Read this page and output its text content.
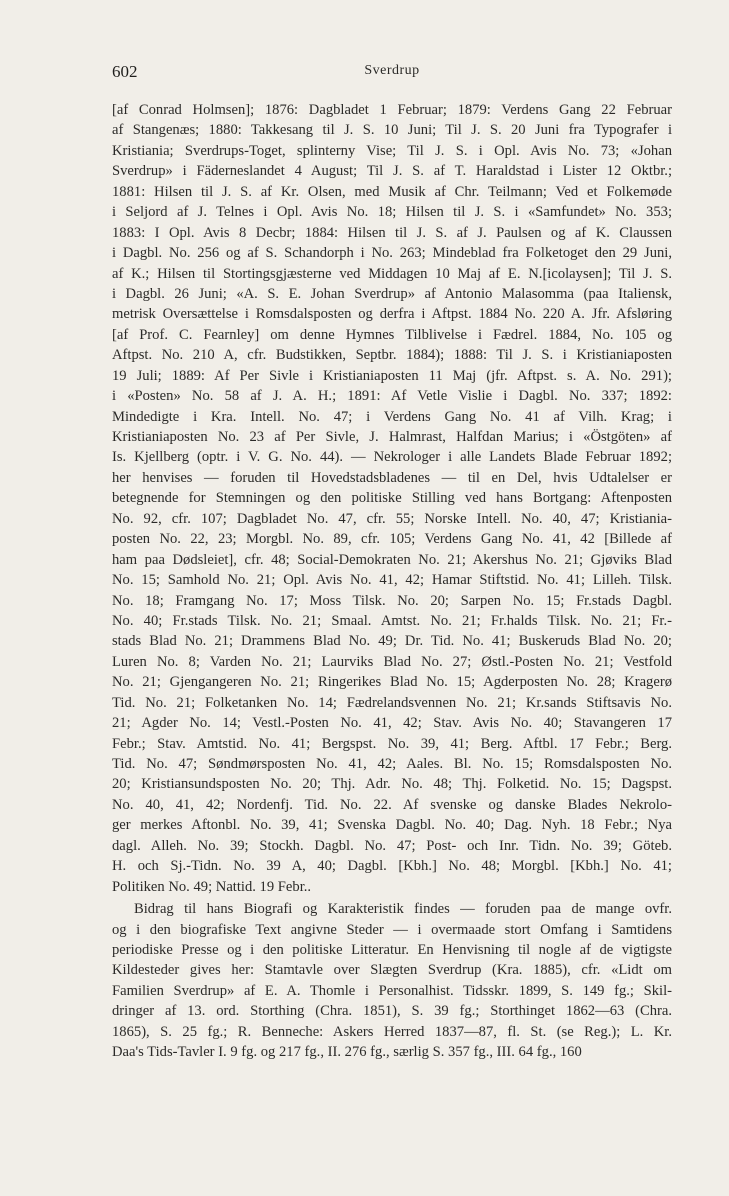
602	Sverdrup
[af Conrad Holmsen]; 1876: Dagbladet 1 Februar; 1879: Verdens Gang 22 Februar
af Stangenæs; 1880: Takkesang til J. S. 10 Juni; Til J. S. 20 Juni fra Typografer i
Kristiania; Sverdrups-Toget, splinterny Vise; Til J. S. i Opl. Avis No. 73; «Johan
Sverdrup» i Fäderneslandet 4 August; Til J. S. af T. Haraldstad i Lister 12 Oktbr.;
1881: Hilsen til J. S. af Kr. Olsen, med Musik af Chr. Teilmann; Ved et Folkemøde
i Seljord af J. Telnes i Opl. Avis No. 18; Hilsen til J. S. i «Samfundet» No. 353;
1883: I Opl. Avis 8 Decbr; 1884: Hilsen til J. S. af J. Paulsen og af K. Claussen
i Dagbl. No. 256 og af S. Schandorph i No. 263; Mindeblad fra Folketoget den 29 Juni,
af K.; Hilsen til Stortingsgjæsterne ved Middagen 10 Maj af E. N.[icolaysen]; Til J. S.
i Dagbl. 26 Juni; «A. S. E. Johan Sverdrup» af Antonio Malasomma (paa Italiensk,
metrisk Oversættelse i Romsdalsposten og derfra i Aftpst. 1884 No. 220 A. Jfr. Afsløring
[af Prof. C. Fearnley] om denne Hymnes Tilblivelse i Fædrel. 1884, No. 105 og
Aftpst. No. 210 A, cfr. Budstikken, Septbr. 1884); 1888: Til J. S. i Kristianiaposten
19 Juli; 1889: Af Per Sivle i Kristianiaposten 11 Maj (jfr. Aftpst. s. A. No. 291);
i «Posten» No. 58 af J. A. H.; 1891: Af Vetle Vislie i Dagbl. No. 337; 1892:
Mindedigte i Kra. Intell. No. 47; i Verdens Gang No. 41 af Vilh. Krag; i
Kristianiaposten No. 23 af Per Sivle, J. Halmrast, Halfdan Marius; i «Östgöten» af
Is. Kjellberg (optr. i V. G. No. 44). — Nekrologer i alle Landets Blade Februar 1892;
her henvises — foruden til Hovedstadsbladenes — til en Del, hvis Udtalelser er
betegnende for Stemningen og den politiske Stilling ved hans Bortgang: Aftenposten
No. 92, cfr. 107; Dagbladet No. 47, cfr. 55; Norske Intell. No. 40, 47; Kristiania-
posten No. 22, 23; Morgbl. No. 89, cfr. 105; Verdens Gang No. 41, 42 [Billede af
ham paa Dødsleiet], cfr. 48; Social-Demokraten No. 21; Akershus No. 21; Gjøviks Blad
No. 15; Samhold No. 21; Opl. Avis No. 41, 42; Hamar Stiftstid. No. 41; Lilleh. Tilsk.
No. 18; Framgang No. 17; Moss Tilsk. No. 20; Sarpen No. 15; Fr.stads Dagbl.
No. 40; Fr.stads Tilsk. No. 21; Smaal. Amtst. No. 21; Fr.halds Tilsk. No. 21; Fr.-
stads Blad No. 21; Drammens Blad No. 49; Dr. Tid. No. 41; Buskeruds Blad No. 20;
Luren No. 8; Varden No. 21; Laurviks Blad No. 27; Østl.-Posten No. 21; Vestfold
No. 21; Gjengangeren No. 21; Ringerikes Blad No. 15; Agderposten No. 28; Kragerø
Tid. No. 21; Folketanken No. 14; Fædrelandsvennen No. 21; Kr.sands Stiftsavis No.
21; Agder No. 14; Vestl.-Posten No. 41, 42; Stav. Avis No. 40; Stavangeren 17
Febr.; Stav. Amtstid. No. 41; Bergspst. No. 39, 41; Berg. Aftbl. 17 Febr.; Berg.
Tid. No. 47; Søndmørsposten No. 41, 42; Aales. Bl. No. 15; Romsdalsposten No.
20; Kristiansundsposten No. 20; Thj. Adr. No. 48; Thj. Folketid. No. 15; Dagspst.
No. 40, 41, 42; Nordenfj. Tid. No. 22. Af svenske og danske Blades Nekrolo-
ger merkes Aftonbl. No. 39, 41; Svenska Dagbl. No. 40; Dag. Nyh. 18 Febr.; Nya
dagl. Alleh. No. 39; Stockh. Dagbl. No. 47; Post- och Inr. Tidn. No. 39; Göteb.
H. och Sj.-Tidn. No. 39 A, 40; Dagbl. [Kbh.] No. 48; Morgbl. [Kbh.] No. 41;
Politiken No. 49; Nattid. 19 Febr..
Bidrag til hans Biografi og Karakteristik findes — foruden paa de mange ovfr.
og i den biografiske Text angivne Steder — i overmaade stort Omfang i Samtidens
periodiske Presse og i den politiske Litteratur. En Henvisning til nogle af de vigtigste
Kildesteder gives her: Stamtavle over Slægten Sverdrup (Kra. 1885), cfr. «Lidt om
Familien Sverdrup» af E. A. Thomle i Personalhist. Tidsskr. 1899, S. 149 fg.; Skil-
dringer af 13. ord. Storthing (Chra. 1851), S. 39 fg.; Storthinget 1862—63 (Chra.
1865), S. 25 fg.; R. Benneche: Askers Herred 1837—87, fl. St. (se Reg.); L. Kr.
Daa's Tids-Tavler I. 9 fg. og 217 fg., II. 276 fg., særlig S. 357 fg., III. 64 fg., 160
